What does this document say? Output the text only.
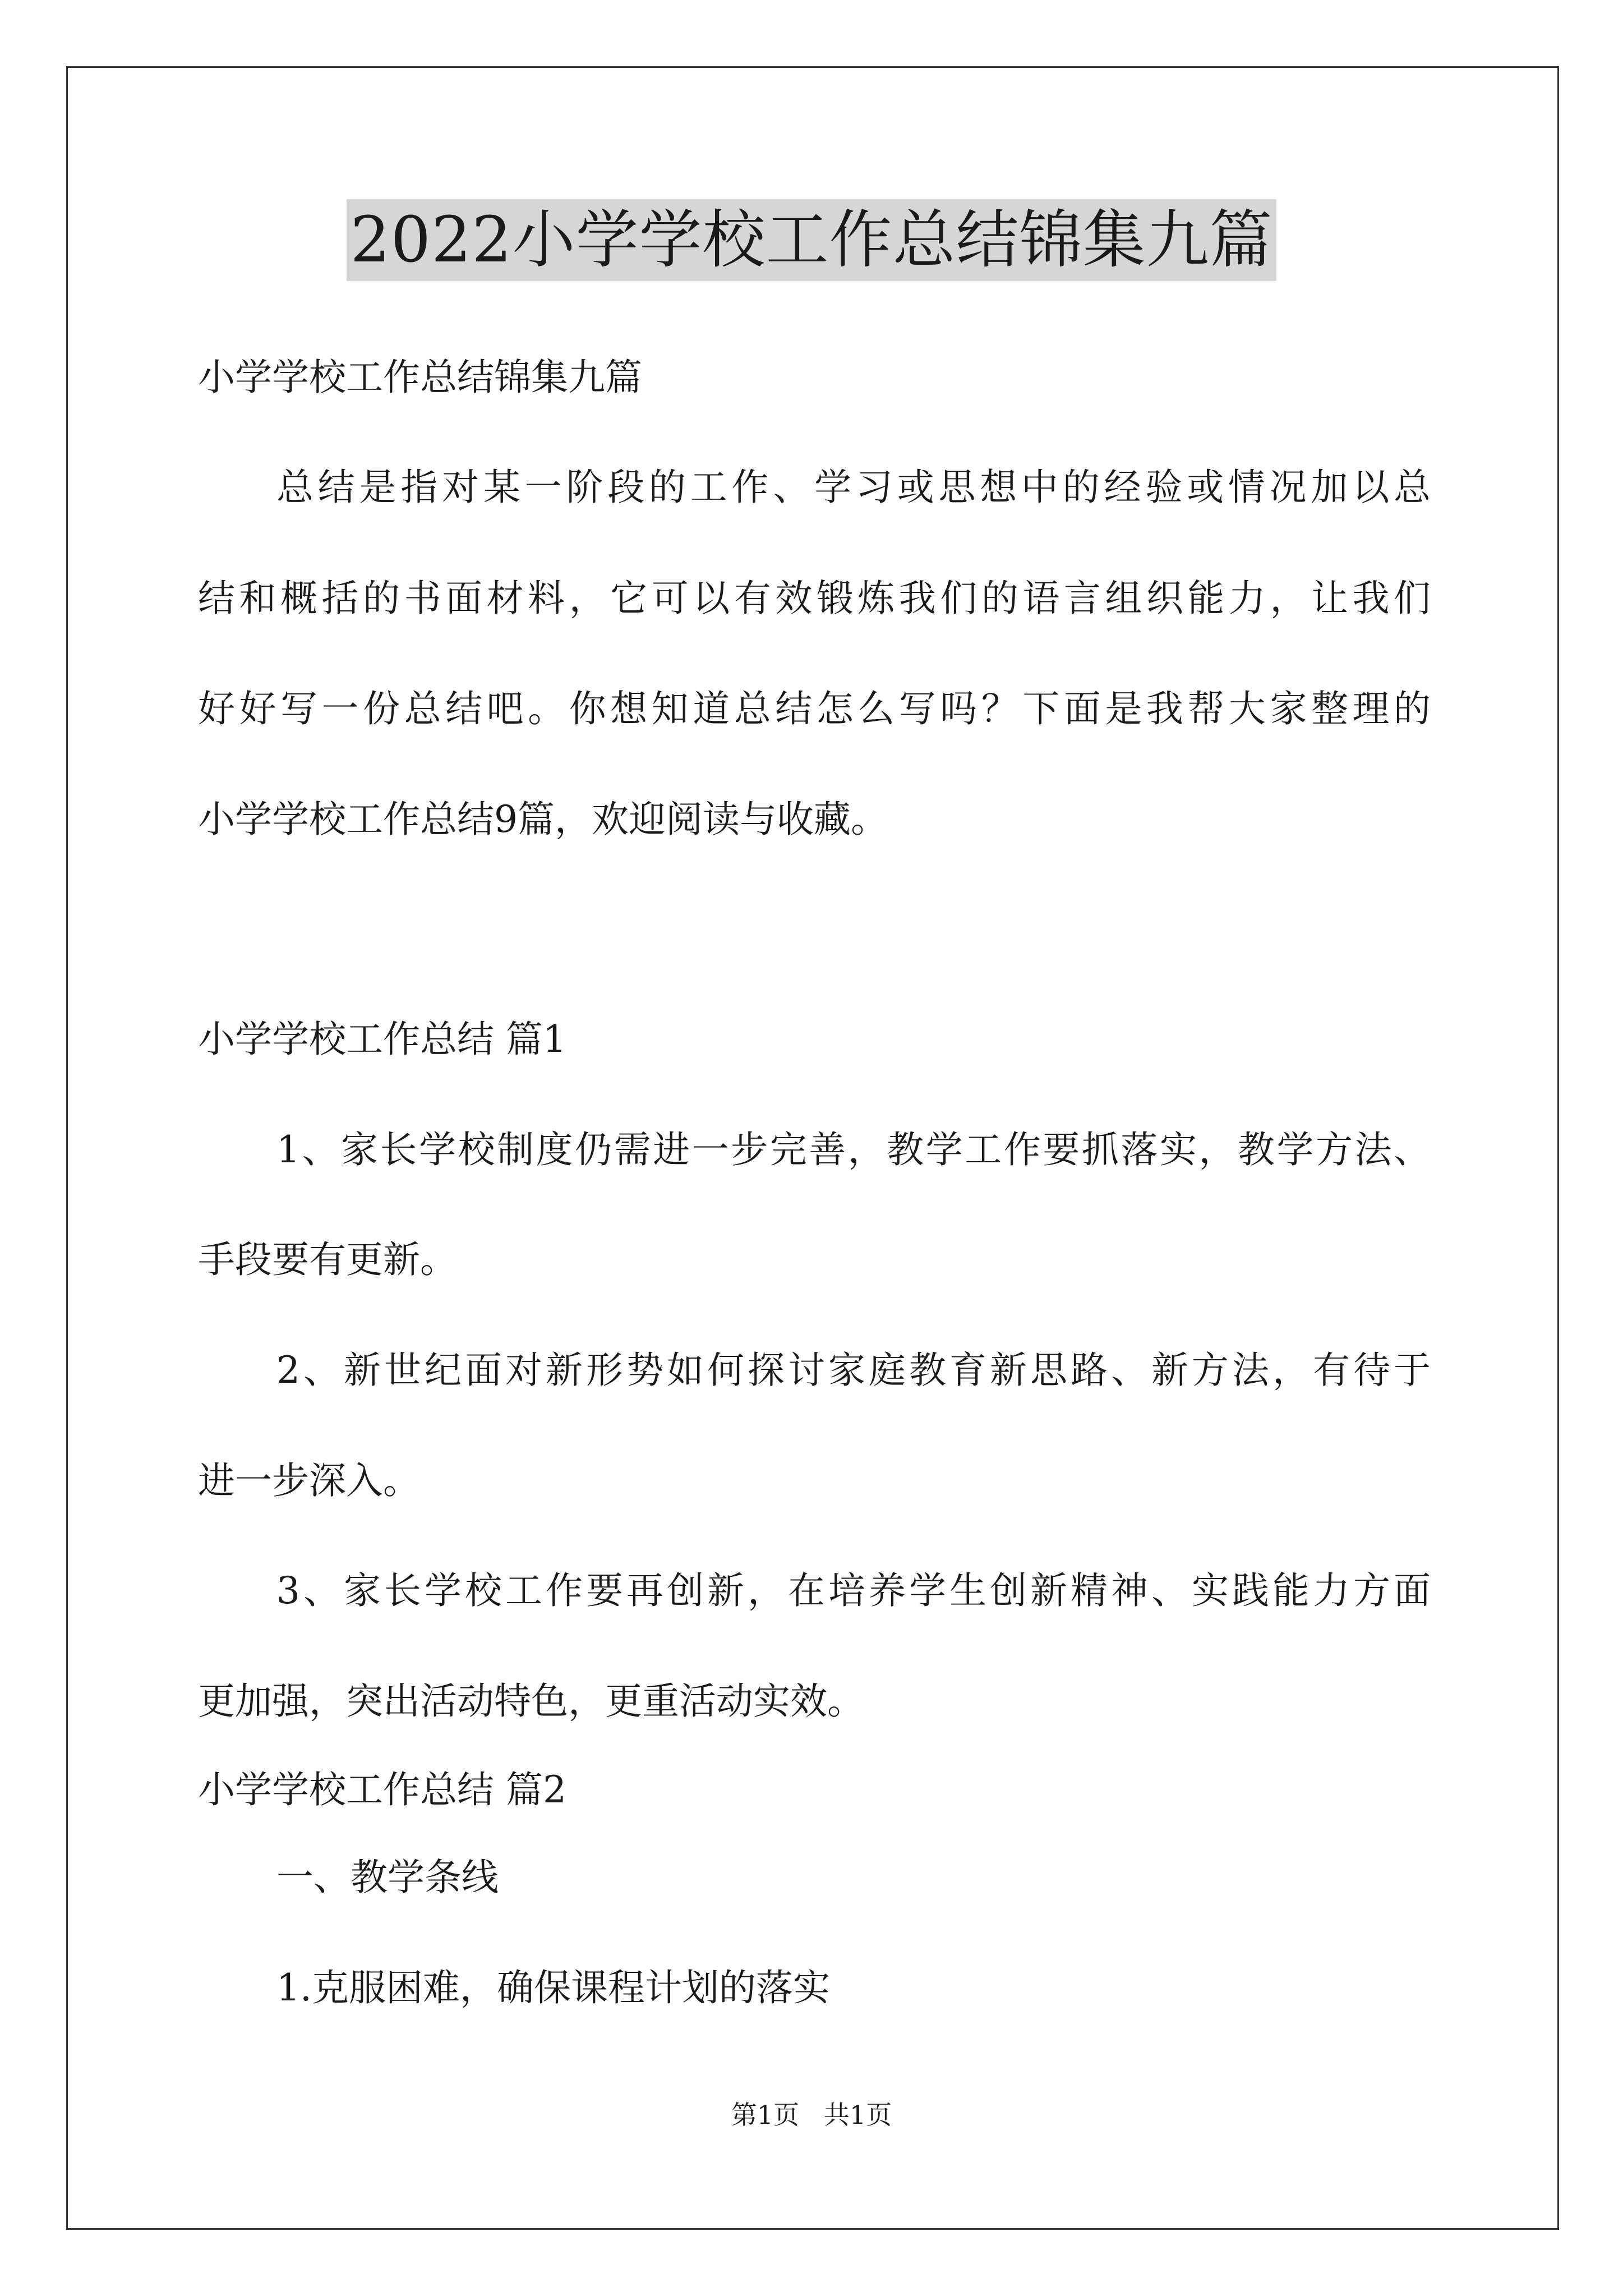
2022小学学校工作总结锦集九篇
小学学校工作总结锦集九篇
总结是指对某一阶段的工作、学习或思想中的经验或情况加以总
结和概括的书面材料，它可以有效锻炼我们的语言组织能力，让我们
好好写一份总结吧。你想知道总结怎么写吗？下面是我帮大家整理的
小学学校工作总结9篇，欢迎阅读与收藏。
小学学校工作总结 篇1
1、家长学校制度仍需进一步完善，教学工作要抓落实，教学方法、
手段要有更新。
2、新世纪面对新形势如何探讨家庭教育新思路、新方法，有待于
进一步深入。
3、家长学校工作要再创新，在培养学生创新精神、实践能力方面
更加强，突出活动特色，更重活动实效。
小学学校工作总结 篇2
一、教学条线
1.克服困难，确保课程计划的落实
第1页   共1页
